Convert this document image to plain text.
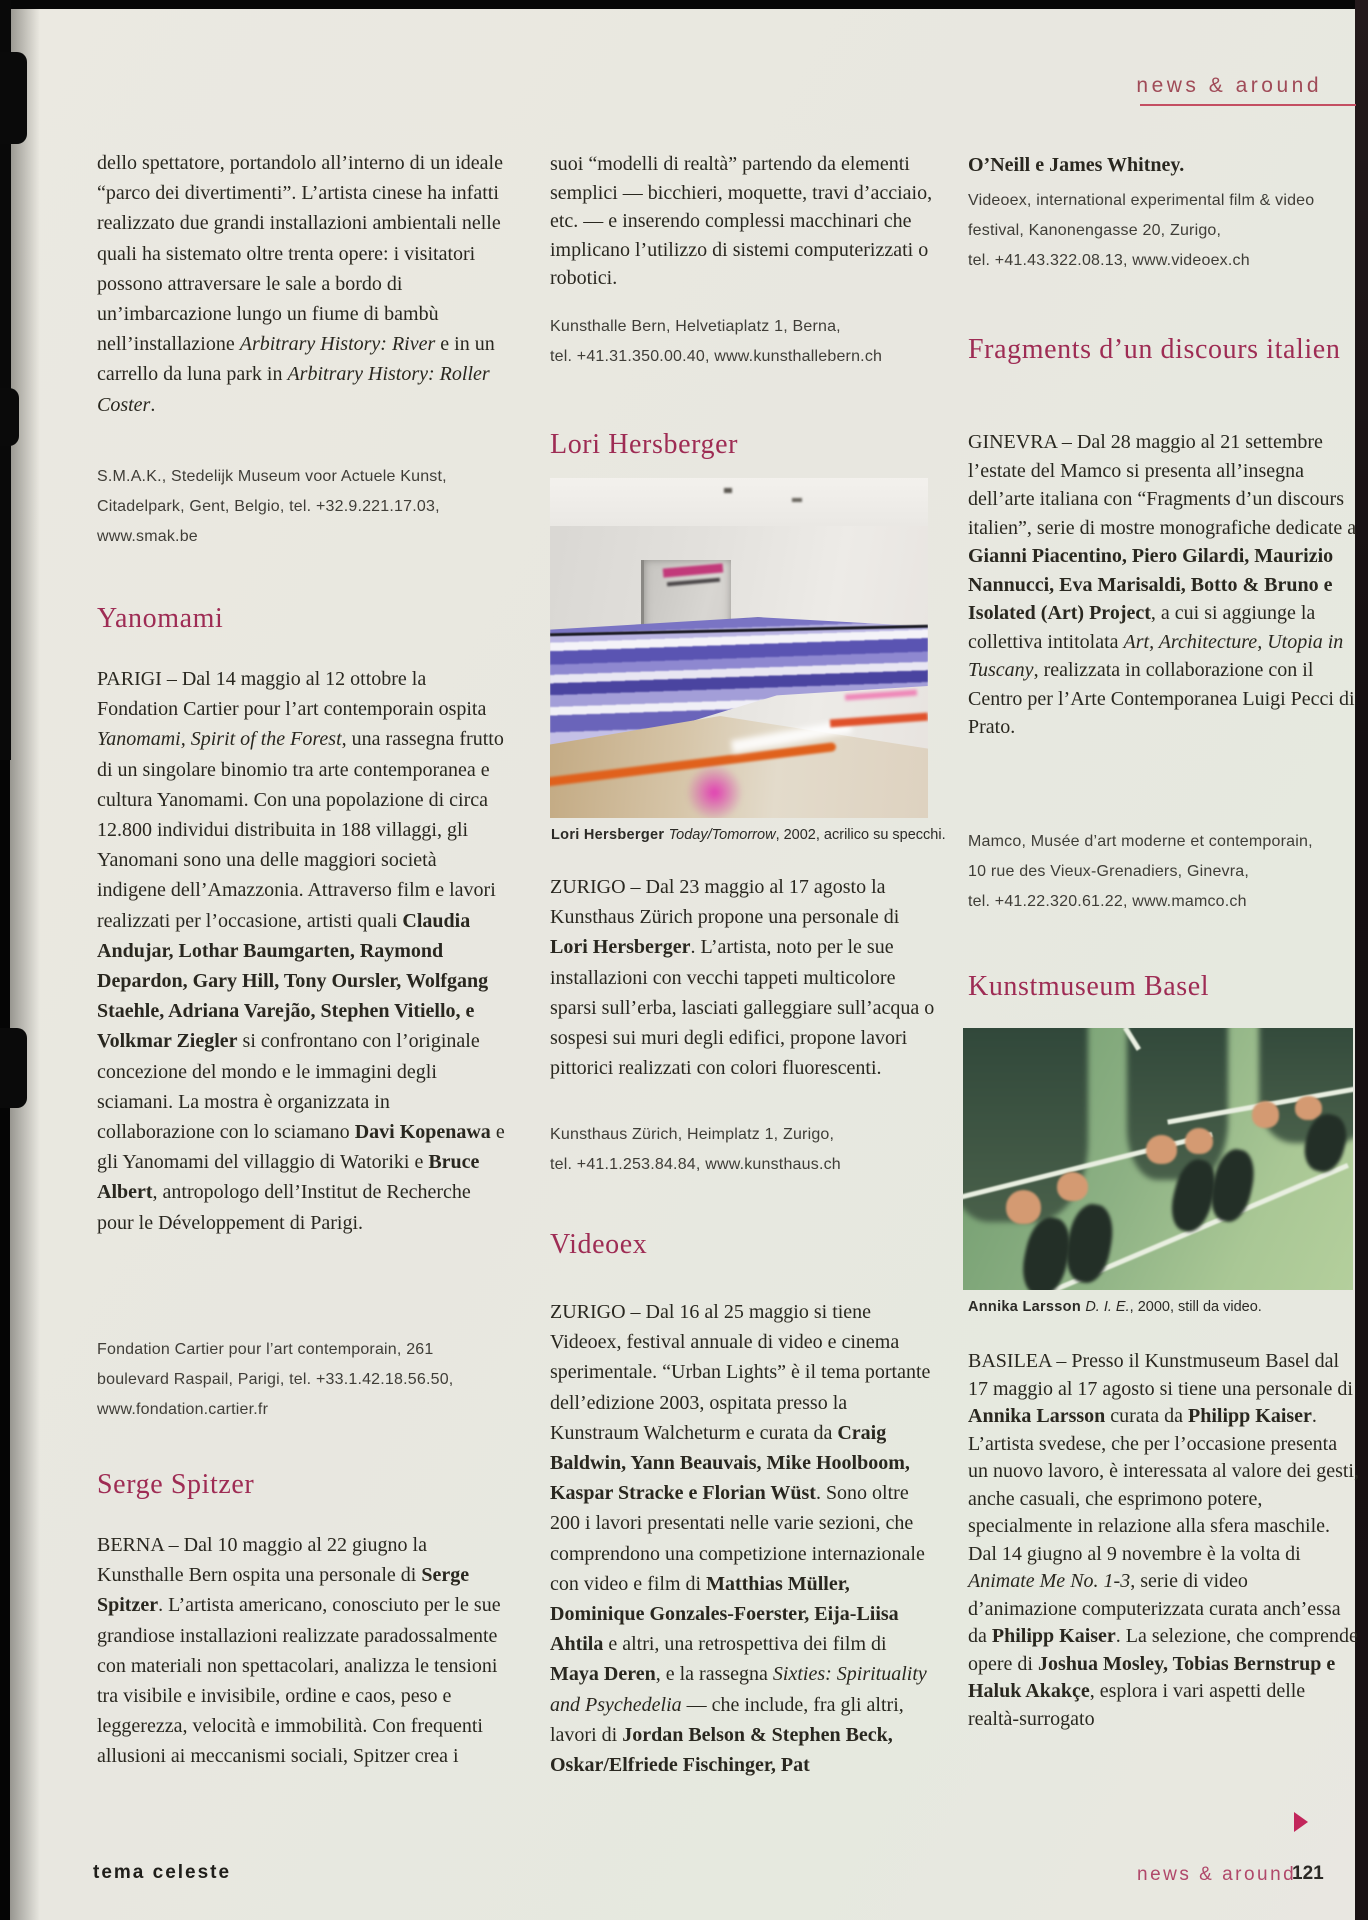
news & around
dello spettatore, portandolo all’interno di un ideale “parco dei divertimenti”. L’artista cinese ha infatti realizzato due grandi installazioni ambientali nelle quali ha sistemato oltre trenta opere: i visitatori possono attraversare le sale a bordo di un’imbarcazione lungo un fiume di bambù nell’installazione Arbitrary History: River e in un carrello da luna park in Arbitrary History: Roller Coster.
S.M.A.K., Stedelijk Museum voor Actuele Kunst,
Citadelpark, Gent, Belgio, tel. +32.9.221.17.03,
www.smak.be
Yanomami
PARIGI – Dal 14 maggio al 12 ottobre la Fondation Cartier pour l’art contemporain ospita Yanomami, Spirit of the Forest, una rassegna frutto di un singolare binomio tra arte contemporanea e cultura Yanomami. Con una popolazione di circa 12.800 individui distribuita in 188 villaggi, gli Yanomani sono una delle maggiori società indigene dell’Amazzonia. Attraverso film e lavori realizzati per l’occasione, artisti quali Claudia Andujar, Lothar Baumgarten, Raymond Depardon, Gary Hill, Tony Oursler, Wolfgang Staehle, Adriana Varejão, Stephen Vitiello, e Volkmar Ziegler si confrontano con l’originale concezione del mondo e le immagini degli sciamani. La mostra è organizzata in collaborazione con lo sciamano Davi Kopenawa e gli Yanomami del villaggio di Watoriki e Bruce Albert, antropologo dell’Institut de Recherche pour le Développement di Parigi.
Fondation Cartier pour l’art contemporain, 261
boulevard Raspail, Parigi, tel. +33.1.42.18.56.50,
www.fondation.cartier.fr
Serge Spitzer
BERNA – Dal 10 maggio al 22 giugno la Kunsthalle Bern ospita una personale di Serge Spitzer. L’artista americano, conosciuto per le sue grandiose installazioni realizzate paradossalmente con materiali non spettacolari, analizza le tensioni tra visibile e invisibile, ordine e caos, peso e leggerezza, velocità e immobilità. Con frequenti allusioni ai meccanismi sociali, Spitzer crea i
suoi “modelli di realtà” partendo da elementi semplici — bicchieri, moquette, travi d’acciaio, etc. — e inserendo complessi macchinari che implicano l’utilizzo di sistemi computerizzati o robotici.
Kunsthalle Bern, Helvetiaplatz 1, Berna,
tel. +41.31.350.00.40, www.kunsthallebern.ch
Lori Hersberger
Lori Hersberger Today/Tomorrow, 2002, acrilico su specchi.
ZURIGO – Dal 23 maggio al 17 agosto la Kunsthaus Zürich propone una personale di Lori Hersberger. L’artista, noto per le sue installazioni con vecchi tappeti multicolore sparsi sull’erba, lasciati galleggiare sull’acqua o sospesi sui muri degli edifici, propone lavori pittorici realizzati con colori fluorescenti.
Kunsthaus Zürich, Heimplatz 1, Zurigo,
tel. +41.1.253.84.84, www.kunsthaus.ch
Videoex
ZURIGO – Dal 16 al 25 maggio si tiene Videoex, festival annuale di video e cinema sperimentale. “Urban Lights” è il tema portante dell’edizione 2003, ospitata presso la Kunstraum Walcheturm e curata da Craig Baldwin, Yann Beauvais, Mike Hoolboom, Kaspar Stracke e Florian Wüst. Sono oltre 200 i lavori presentati nelle varie sezioni, che comprendono una competizione internazionale con video e film di Matthias Müller, Dominique Gonzales-Foerster, Eija-Liisa Ahtila e altri, una retrospettiva dei film di Maya Deren, e la rassegna Sixties: Spirituality and Psychedelia — che include, fra gli altri, lavori di Jordan Belson & Stephen Beck, Oskar/Elfriede Fischinger, Pat
O’Neill e James Whitney.
Videoex, international experimental film & video
festival, Kanonengasse 20, Zurigo,
tel. +41.43.322.08.13, www.videoex.ch
Fragments d’un discours italien
GINEVRA – Dal 28 maggio al 21 settembre l’estate del Mamco si presenta all’insegna dell’arte italiana con “Fragments d’un discours italien”, serie di mostre monografiche dedicate a Gianni Piacentino, Piero Gilardi, Maurizio Nannucci, Eva Marisaldi, Botto & Bruno e Isolated (Art) Project, a cui si aggiunge la collettiva intitolata Art, Architecture, Utopia in Tuscany, realizzata in collaborazione con il Centro per l’Arte Contemporanea Luigi Pecci di Prato.
Mamco, Musée d’art moderne et contemporain,
10 rue des Vieux-Grenadiers, Ginevra,
tel. +41.22.320.61.22, www.mamco.ch
Kunstmuseum Basel
Annika Larsson D. I. E., 2000, still da video.
BASILEA – Presso il Kunstmuseum Basel dal 17 maggio al 17 agosto si tiene una personale di Annika Larsson curata da Philipp Kaiser. L’artista svedese, che per l’occasione presenta un nuovo lavoro, è interessata al valore dei gesti, anche casuali, che esprimono potere, specialmente in relazione alla sfera maschile. Dal 14 giugno al 9 novembre è la volta di Animate Me No. 1-3, serie di video d’animazione computerizzata curata anch’essa da Philipp Kaiser. La selezione, che comprende opere di Joshua Mosley, Tobias Bernstrup e Haluk Akakçe, esplora i vari aspetti delle realtà-surrogato
tema celeste	news & around
121
